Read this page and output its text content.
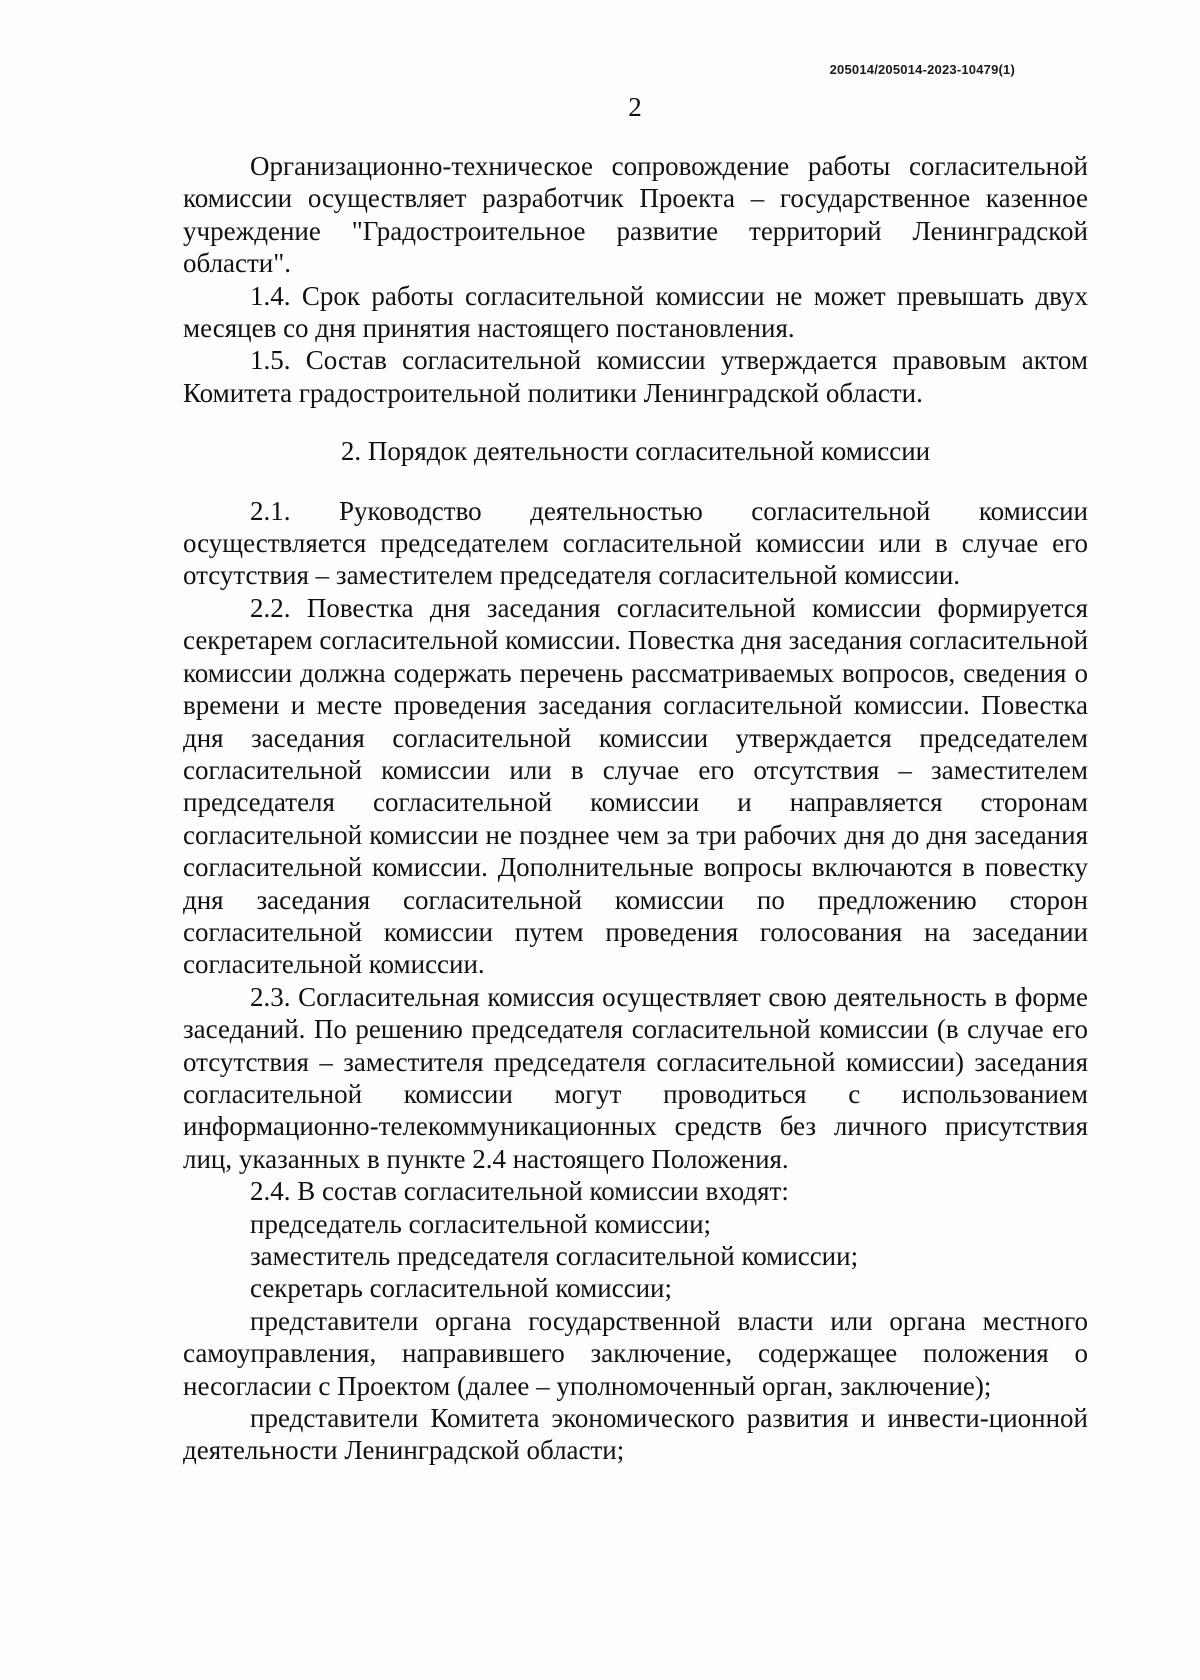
205014/205014-2023-10479(1)
2

Организационно-техническое сопровождение работы согласительной комиссии осуществляет разработчик Проекта – государственное казенное учреждение "Градостроительное развитие территорий Ленинградской области".

1.4. Срок работы согласительной комиссии не может превышать двух месяцев со дня принятия настоящего постановления.

1.5. Состав согласительной комиссии утверждается правовым актом Комитета градостроительной политики Ленинградской области.

2. Порядок деятельности согласительной комиссии

2.1. Руководство деятельностью согласительной комиссии осуществляется председателем согласительной комиссии или в случае его отсутствия – заместителем председателя согласительной комиссии.

2.2. Повестка дня заседания согласительной комиссии формируется секретарем согласительной комиссии. Повестка дня заседания согласительной комиссии должна содержать перечень рассматриваемых вопросов, сведения о времени и месте проведения заседания согласительной комиссии. Повестка дня заседания согласительной комиссии утверждается председателем согласительной комиссии или в случае его отсутствия – заместителем председателя согласительной комиссии и направляется сторонам согласительной комиссии не позднее чем за три рабочих дня до дня заседания согласительной комиссии. Дополнительные вопросы включаются в повестку дня заседания согласительной комиссии по предложению сторон согласительной комиссии путем проведения голосования на заседании согласительной комиссии.

2.3. Согласительная комиссия осуществляет свою деятельность в форме заседаний. По решению председателя согласительной комиссии (в случае его отсутствия – заместителя председателя согласительной комиссии) заседания согласительной комиссии могут проводиться с использованием информационно-телекоммуникационных средств без личного присутствия лиц, указанных в пункте 2.4 настоящего Положения.

2.4. В состав согласительной комиссии входят:

председатель согласительной комиссии;

заместитель председателя согласительной комиссии;

секретарь согласительной комиссии;

представители органа государственной власти или органа местного самоуправления, направившего заключение, содержащее положения о несогласии с Проектом (далее – уполномоченный орган, заключение);

представители Комитета экономического развития и инвести-ционной деятельности Ленинградской области;
